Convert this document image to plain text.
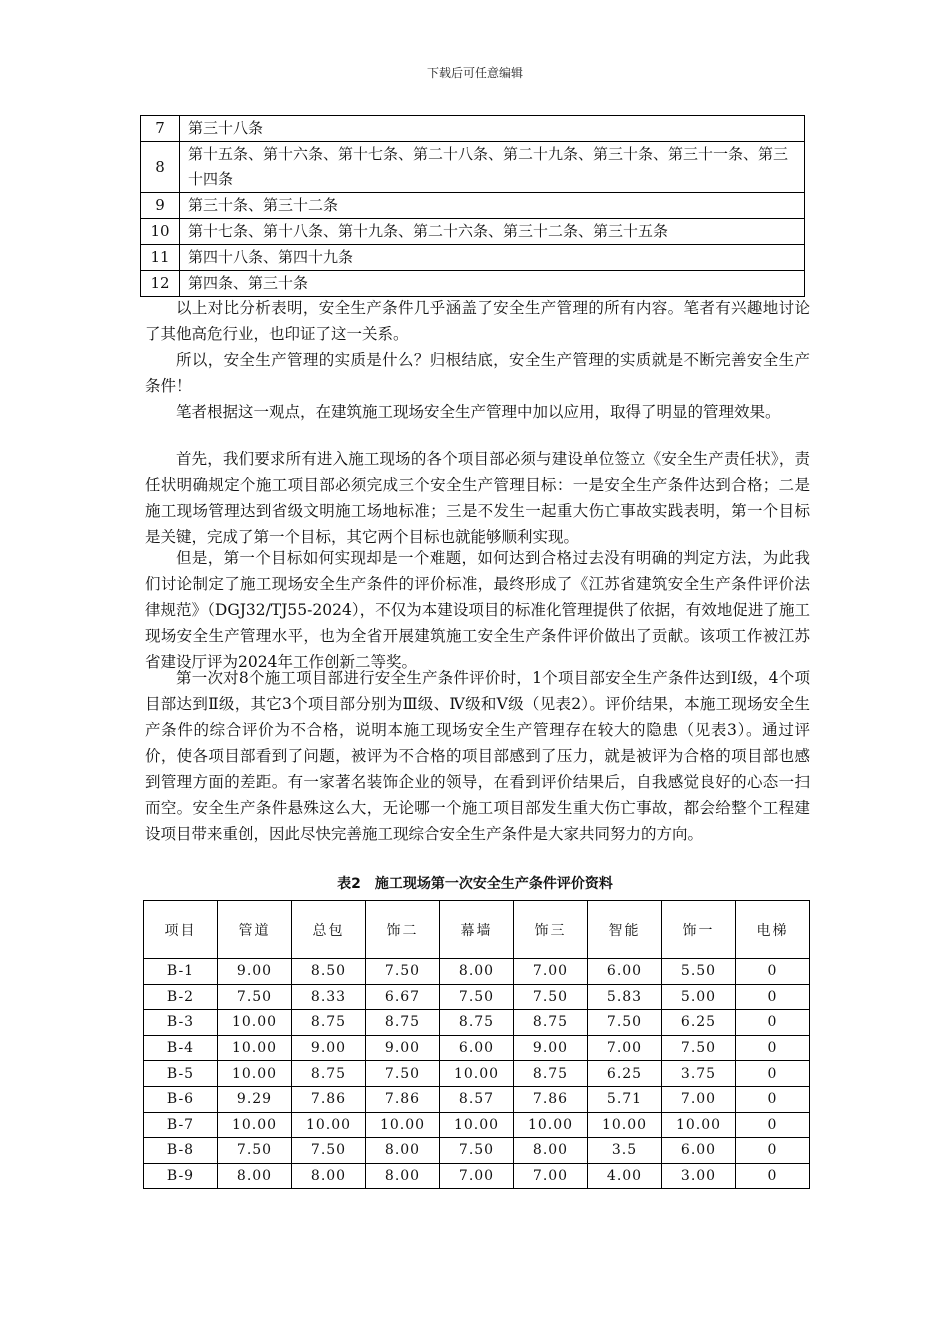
下载后可任意编辑
7	第三十八条
8	第十五条、第十六条、第十七条、第二十八条、第二十九条、第三十条、第三十一条、第三十四条
9	第三十条、第三十二条
10	第十七条、第十八条、第十九条、第二十六条、第三十二条、第三十五条
11	第四十八条、第四十九条
12	第四条、第三十条

以上对比分析表明，安全生产条件几乎涵盖了安全生产管理的所有内容。笔者有兴趣地讨论了其他高危行业，也印证了这一关系。

所以，安全生产管理的实质是什么？归根结底，安全生产管理的实质就是不断完善安全生产条件！

笔者根据这一观点，在建筑施工现场安全生产管理中加以应用，取得了明显的管理效果。

首先，我们要求所有进入施工现场的各个项目部必须与建设单位签立《安全生产责任状》，责任状明确规定个施工项目部必须完成三个安全生产管理目标：一是安全生产条件达到合格；二是施工现场管理达到省级文明施工场地标准；三是不发生一起重大伤亡事故实践表明，第一个目标是关键，完成了第一个目标，其它两个目标也就能够顺利实现。

但是，第一个目标如何实现却是一个难题，如何达到合格过去没有明确的判定方法，为此我们讨论制定了施工现场安全生产条件的评价标准，最终形成了《江苏省建筑安全生产条件评价法律规范》（DGJ32/TJ55-2024），不仅为本建设项目的标准化管理提供了依据，有效地促进了施工现场安全生产管理水平，也为全省开展建筑施工安全生产条件评价做出了贡献。该项工作被江苏省建设厅评为2024年工作创新二等奖。

第一次对8个施工项目部进行安全生产条件评价时，1个项目部安全生产条件达到Ⅰ级，4个项目部达到Ⅱ级，其它3个项目部分别为Ⅲ级、Ⅳ级和Ⅴ级（见表2）。评价结果，本施工现场安全生产条件的综合评价为不合格，说明本施工现场安全生产管理存在较大的隐患（见表3）。通过评价，使各项目部看到了问题，被评为不合格的项目部感到了压力，就是被评为合格的项目部也感到管理方面的差距。有一家著名装饰企业的领导，在看到评价结果后，自我感觉良好的心态一扫而空。安全生产条件悬殊这么大，无论哪一个施工项目部发生重大伤亡事故，都会给整个工程建设项目带来重创，因此尽快完善施工现综合安全生产条件是大家共同努力的方向。

表2　施工现场第一次安全生产条件评价资料
项目	管道	总包	饰二	幕墙	饰三	智能	饰一	电梯
B-1	9.00	8.50	7.50	8.00	7.00	6.00	5.50	0
B-2	7.50	8.33	6.67	7.50	7.50	5.83	5.00	0
B-3	10.00	8.75	8.75	8.75	8.75	7.50	6.25	0
B-4	10.00	9.00	9.00	6.00	9.00	7.00	7.50	0
B-5	10.00	8.75	7.50	10.00	8.75	6.25	3.75	0
B-6	9.29	7.86	7.86	8.57	7.86	5.71	7.00	0
B-7	10.00	10.00	10.00	10.00	10.00	10.00	10.00	0
B-8	7.50	7.50	8.00	7.50	8.00	3.5	6.00	0
B-9	8.00	8.00	8.00	7.00	7.00	4.00	3.00	0
